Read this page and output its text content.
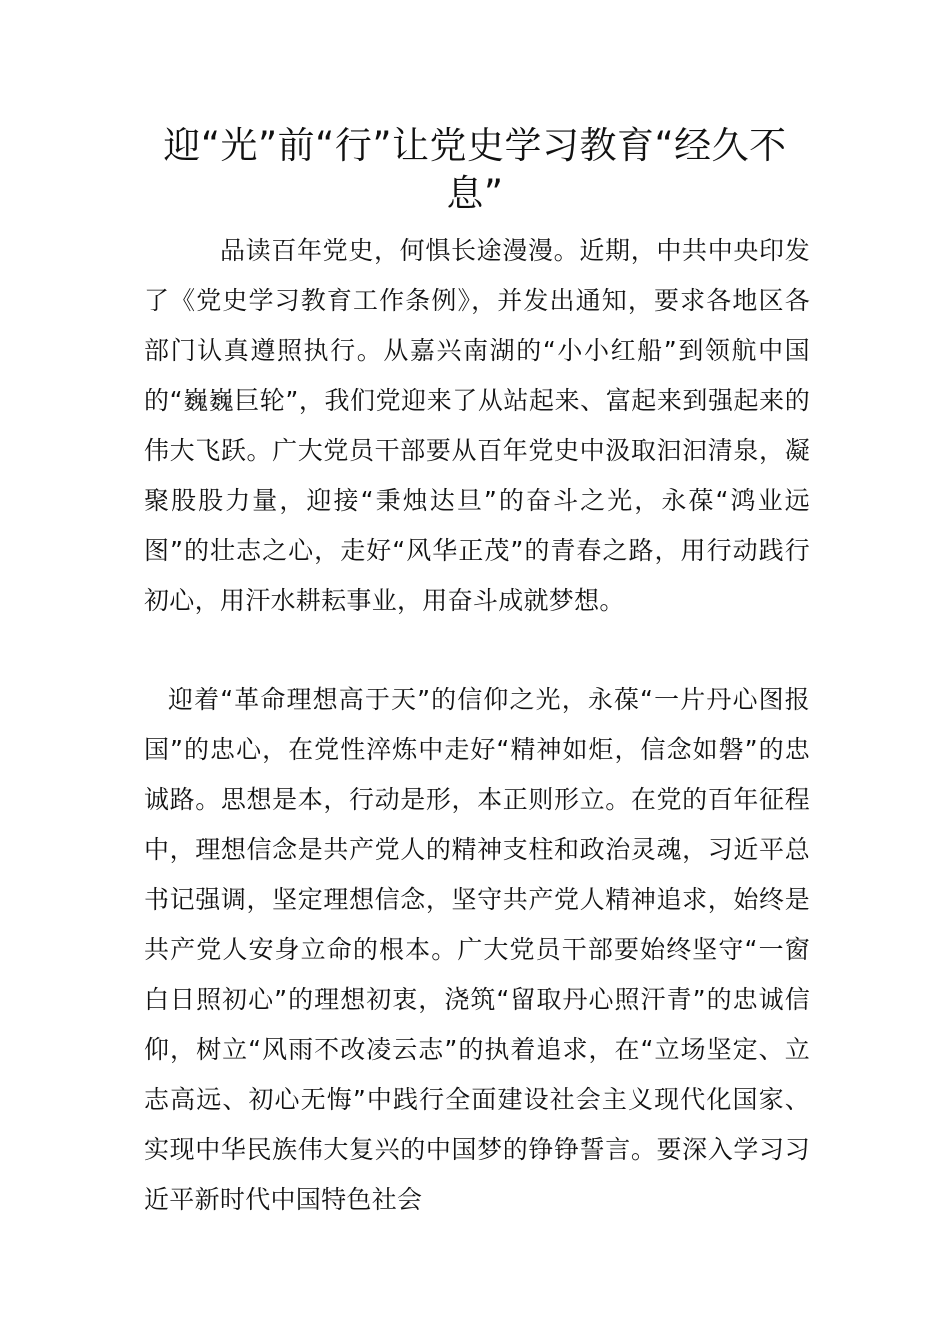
迎“光”前“行”让党史学习教育“经久不息”

品读百年党史，何惧长途漫漫。近期，中共中央印发了《党史学习教育工作条例》，并发出通知，要求各地区各部门认真遵照执行。从嘉兴南湖的“小小红船”到领航中国的“巍巍巨轮”，我们党迎来了从站起来、富起来到强起来的伟大飞跃。广大党员干部要从百年党史中汲取汩汩清泉，凝聚股股力量，迎接“秉烛达旦”的奋斗之光，永葆“鸿业远图”的壮志之心，走好“风华正茂”的青春之路，用行动践行初心，用汗水耕耘事业，用奋斗成就梦想。

迎着“革命理想高于天”的信仰之光，永葆“一片丹心图报国”的忠心，在党性淬炼中走好“精神如炬，信念如磐”的忠诚路。思想是本，行动是形，本正则形立。在党的百年征程中，理想信念是共产党人的精神支柱和政治灵魂，习近平总书记强调，坚定理想信念，坚守共产党人精神追求，始终是共产党人安身立命的根本。广大党员干部要始终坚守“一窗白日照初心”的理想初衷，浇筑“留取丹心照汗青”的忠诚信仰，树立“风雨不改凌云志”的执着追求，在“立场坚定、立志高远、初心无悔”中践行全面建设社会主义现代化国家、实现中华民族伟大复兴的中国梦的铮铮誓言。要深入学习习近平新时代中国特色社会
